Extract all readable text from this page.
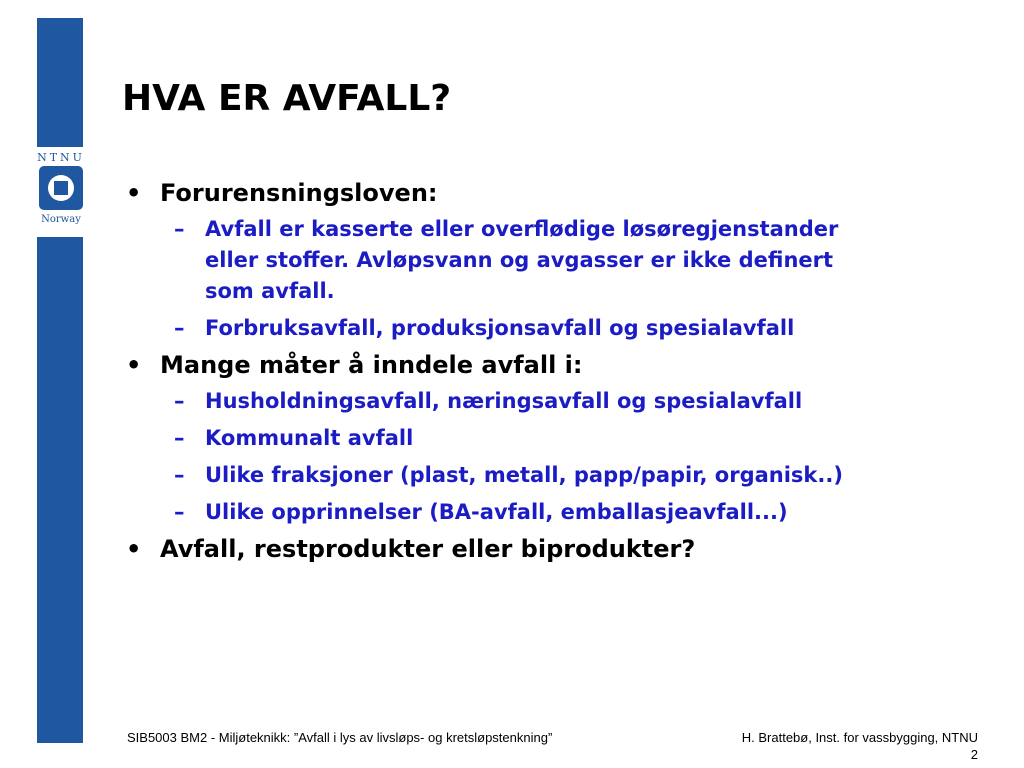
NTNU
Norway
HVA ER AVFALL?
• Forurensningsloven:
– Avfall er kasserte eller overflødige løsøregjenstander
eller stoffer. Avløpsvann og avgasser er ikke definert
som avfall.
– Forbruksavfall, produksjonsavfall og spesialavfall
• Mange måter å inndele avfall i:
– Husholdningsavfall, næringsavfall og spesialavfall
– Kommunalt avfall
– Ulike fraksjoner (plast, metall, papp/papir, organisk..)
– Ulike opprinnelser (BA-avfall, emballasjeavfall...)
• Avfall, restprodukter eller biprodukter?
SIB5003 BM2 - Miljøteknikk: ”Avfall i lys av livsløps- og kretsløpstenkning”	H. Brattebø, Inst. for vassbygging, NTNU
2
